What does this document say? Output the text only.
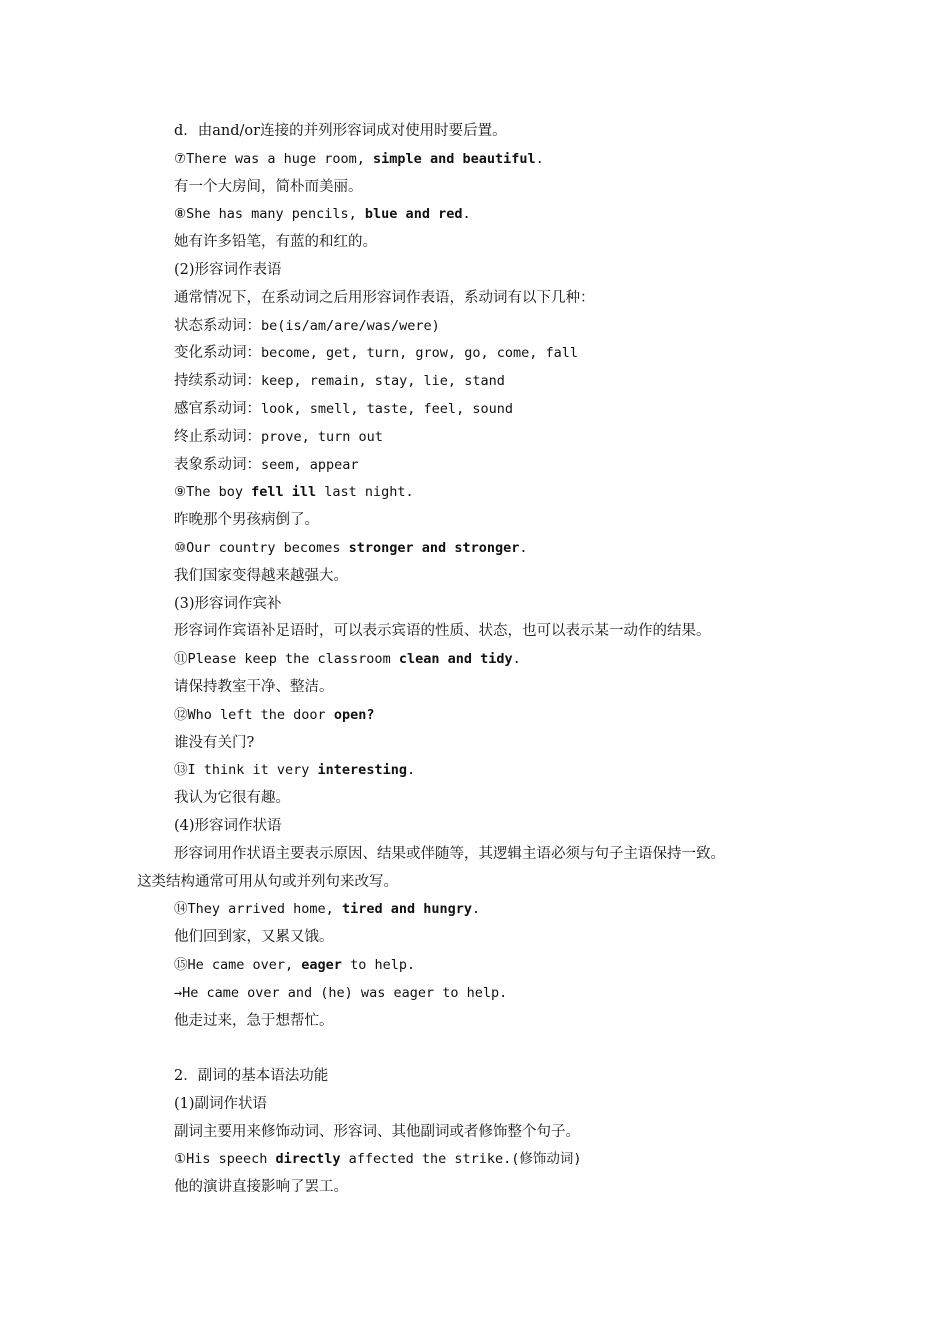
d．由and/or连接的并列形容词成对使用时要后置。
⑦There was a huge room, simple and beautiful.
有一个大房间，简朴而美丽。
⑧She has many pencils, blue and red.
她有许多铅笔，有蓝的和红的。
(2)形容词作表语
通常情况下，在系动词之后用形容词作表语，系动词有以下几种：
状态系动词：be(is/am/are/was/were)
变化系动词：become, get, turn, grow, go, come, fall
持续系动词：keep, remain, stay, lie, stand
感官系动词：look, smell, taste, feel, sound
终止系动词：prove, turn out
表象系动词：seem, appear
⑨The boy fell ill last night.
昨晚那个男孩病倒了。
⑩Our country becomes stronger and stronger.
我们国家变得越来越强大。
(3)形容词作宾补
形容词作宾语补足语时，可以表示宾语的性质、状态，也可以表示某一动作的结果。
⑪Please keep the classroom clean and tidy.
请保持教室干净、整洁。
⑫Who left the door open?
谁没有关门?
⑬I think it very interesting.
我认为它很有趣。
(4)形容词作状语
形容词用作状语主要表示原因、结果或伴随等，其逻辑主语必须与句子主语保持一致。
这类结构通常可用从句或并列句来改写。
⑭They arrived home, tired and hungry.
他们回到家，又累又饿。
⑮He came over, eager to help.
→He came over and (he) was eager to help.
他走过来，急于想帮忙。
2．副词的基本语法功能
(1)副词作状语
副词主要用来修饰动词、形容词、其他副词或者修饰整个句子。
①His speech directly affected the strike.(修饰动词)
他的演讲直接影响了罢工。
